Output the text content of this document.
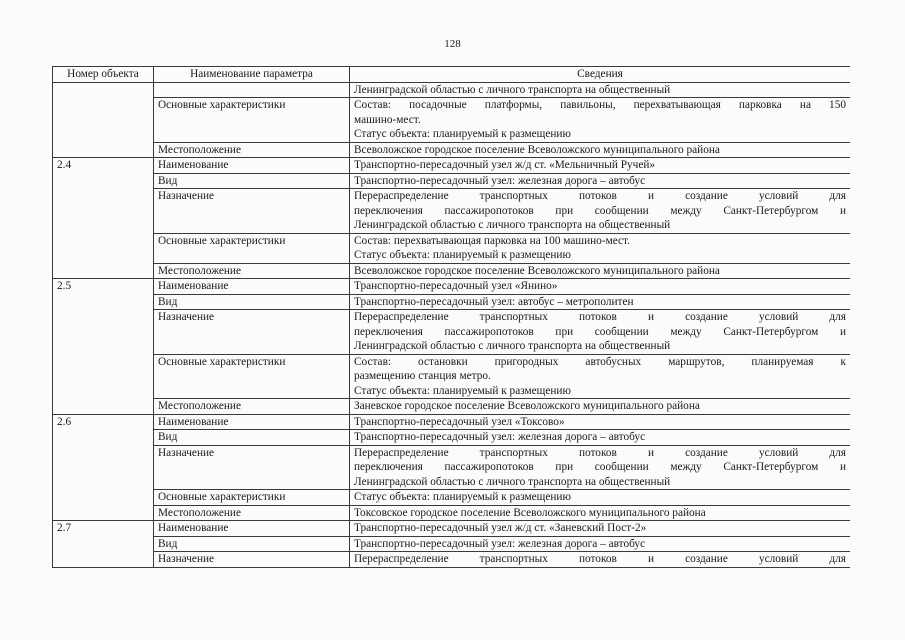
128
Номер объекта	Наименование параметра	Сведения

		Ленинградской областью с личного транспорта на общественный

	Основные характеристики	Состав: посадочные платформы, павильоны, перехватывающая парковка на 150
машино-мест.
Статус объекта: планируемый к размещению

	Местоположение	Всеволожское городское поселение Всеволожского муниципального района

2.4	Наименование	Транспортно-пересадочный узел ж/д ст. «Мельничный Ручей»

	Вид	Транспортно-пересадочный узел: железная дорога – автобус

	Назначение	Перераспределение транспортных потоков и создание условий для
переключения пассажиропотоков при сообщении между Санкт-Петербургом и
Ленинградской областью с личного транспорта на общественный

	Основные характеристики	Состав: перехватывающая парковка на 100 машино-мест.
Статус объекта: планируемый к размещению

	Местоположение	Всеволожское городское поселение Всеволожского муниципального района

2.5	Наименование	Транспортно-пересадочный узел «Янино»

	Вид	Транспортно-пересадочный узел: автобус – метрополитен

	Назначение	Перераспределение транспортных потоков и создание условий для
переключения пассажиропотоков при сообщении между Санкт-Петербургом и
Ленинградской областью с личного транспорта на общественный

	Основные характеристики	Состав: остановки пригородных автобусных маршрутов, планируемая к
размещению станция метро.
Статус объекта: планируемый к размещению

	Местоположение	Заневское городское поселение Всеволожского муниципального района

2.6	Наименование	Транспортно-пересадочный узел «Токсово»

	Вид	Транспортно-пересадочный узел: железная дорога – автобус

	Назначение	Перераспределение транспортных потоков и создание условий для
переключения пассажиропотоков при сообщении между Санкт-Петербургом и
Ленинградской областью с личного транспорта на общественный

	Основные характеристики	Статус объекта: планируемый к размещению

	Местоположение	Токсовское городское поселение Всеволожского муниципального района

2.7	Наименование	Транспортно-пересадочный узел ж/д ст. «Заневский Пост-2»

	Вид	Транспортно-пересадочный узел: железная дорога – автобус

	Назначение	Перераспределение транспортных потоков и создание условий для
